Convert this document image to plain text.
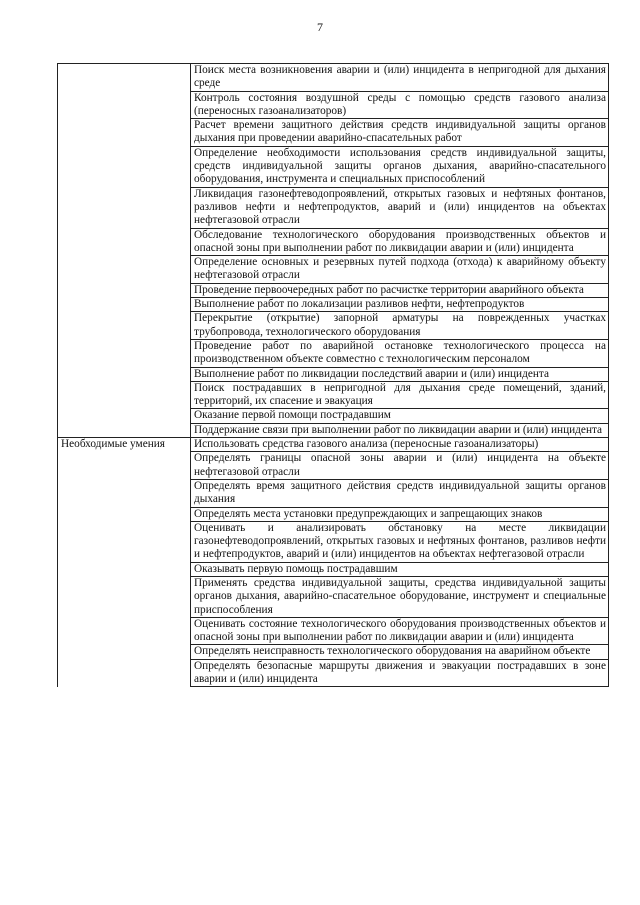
7
	Поиск места возникновения аварии и (или) инцидента в непригодной для дыхания среде
	Контроль состояния воздушной среды с помощью средств газового анализа (переносных газоанализаторов)
	Расчет времени защитного действия средств индивидуальной защиты органов дыхания при проведении аварийно-спасательных работ
	Определение необходимости использования средств индивидуальной защиты, средств индивидуальной защиты органов дыхания, аварийно-спасательного оборудования, инструмента и специальных приспособлений
	Ликвидация газонефтеводопроявлений, открытых газовых и нефтяных фонтанов, разливов нефти и нефтепродуктов, аварий и (или) инцидентов на объектах нефтегазовой отрасли
	Обследование технологического оборудования производственных объектов и опасной зоны при выполнении работ по ликвидации аварии и (или) инцидента
	Определение основных и резервных путей подхода (отхода) к аварийному объекту нефтегазовой отрасли
	Проведение первоочередных работ по расчистке территории аварийного объекта
	Выполнение работ по локализации разливов нефти, нефтепродуктов
	Перекрытие (открытие) запорной арматуры на поврежденных участках трубопровода, технологического оборудования
	Проведение работ по аварийной остановке технологического процесса на производственном объекте совместно с технологическим персоналом
	Выполнение работ по ликвидации последствий аварии и (или) инцидента
	Поиск пострадавших в непригодной для дыхания среде помещений, зданий, территорий, их спасение и эвакуация
	Оказание первой помощи пострадавшим
	Поддержание связи при выполнении работ по ликвидации аварии и (или) инцидента
Необходимые умения	Использовать средства газового анализа (переносные газоанализаторы)
	Определять границы опасной зоны аварии и (или) инцидента на объекте нефтегазовой отрасли
	Определять время защитного действия средств индивидуальной защиты органов дыхания
	Определять места установки предупреждающих и запрещающих знаков
	Оценивать и анализировать обстановку на месте ликвидации газонефтеводопроявлений, открытых газовых и нефтяных фонтанов, разливов нефти и нефтепродуктов, аварий и (или) инцидентов на объектах нефтегазовой отрасли
	Оказывать первую помощь пострадавшим
	Применять средства индивидуальной защиты, средства индивидуальной защиты органов дыхания, аварийно-спасательное оборудование, инструмент и специальные приспособления
	Оценивать состояние технологического оборудования производственных объектов и опасной зоны при выполнении работ по ликвидации аварии и (или) инцидента
	Определять неисправность технологического оборудования на аварийном объекте
	Определять безопасные маршруты движения и эвакуации пострадавших в зоне аварии и (или) инцидента
